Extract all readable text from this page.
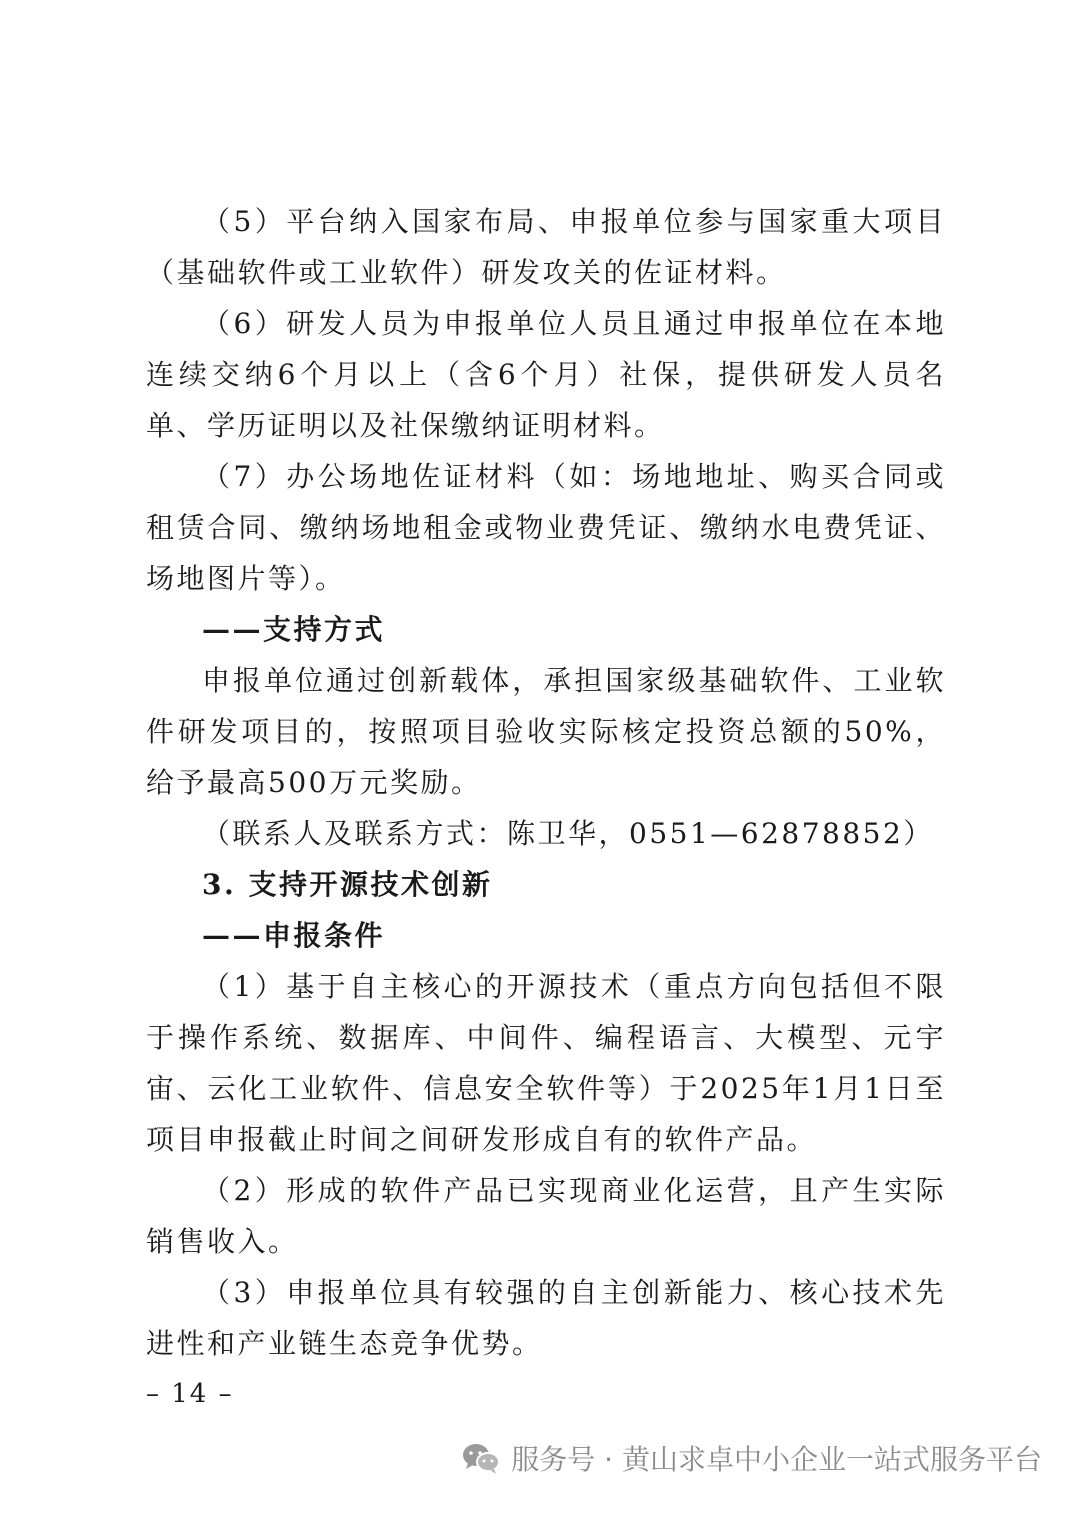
（5）平台纳入国家布局、申报单位参与国家重大项目（基础软件或工业软件）研发攻关的佐证材料。

（6）研发人员为申报单位人员且通过申报单位在本地连续交纳6个月以上（含6个月）社保，提供研发人员名单、学历证明以及社保缴纳证明材料。

（7）办公场地佐证材料（如：场地地址、购买合同或租赁合同、缴纳场地租金或物业费凭证、缴纳水电费凭证、场地图片等）。

——支持方式

申报单位通过创新载体，承担国家级基础软件、工业软件研发项目的，按照项目验收实际核定投资总额的50%，给予最高500万元奖励。

（联系人及联系方式：陈卫华，0551—62878852）

3. 支持开源技术创新

——申报条件

（1）基于自主核心的开源技术（重点方向包括但不限于操作系统、数据库、中间件、编程语言、大模型、元宇宙、云化工业软件、信息安全软件等）于2025年1月1日至项目申报截止时间之间研发形成自有的软件产品。

（2）形成的软件产品已实现商业化运营，且产生实际销售收入。

（3）申报单位具有较强的自主创新能力、核心技术先进性和产业链生态竞争优势。

– 14 –
服务号 · 黄山求卓中小企业一站式服务平台
